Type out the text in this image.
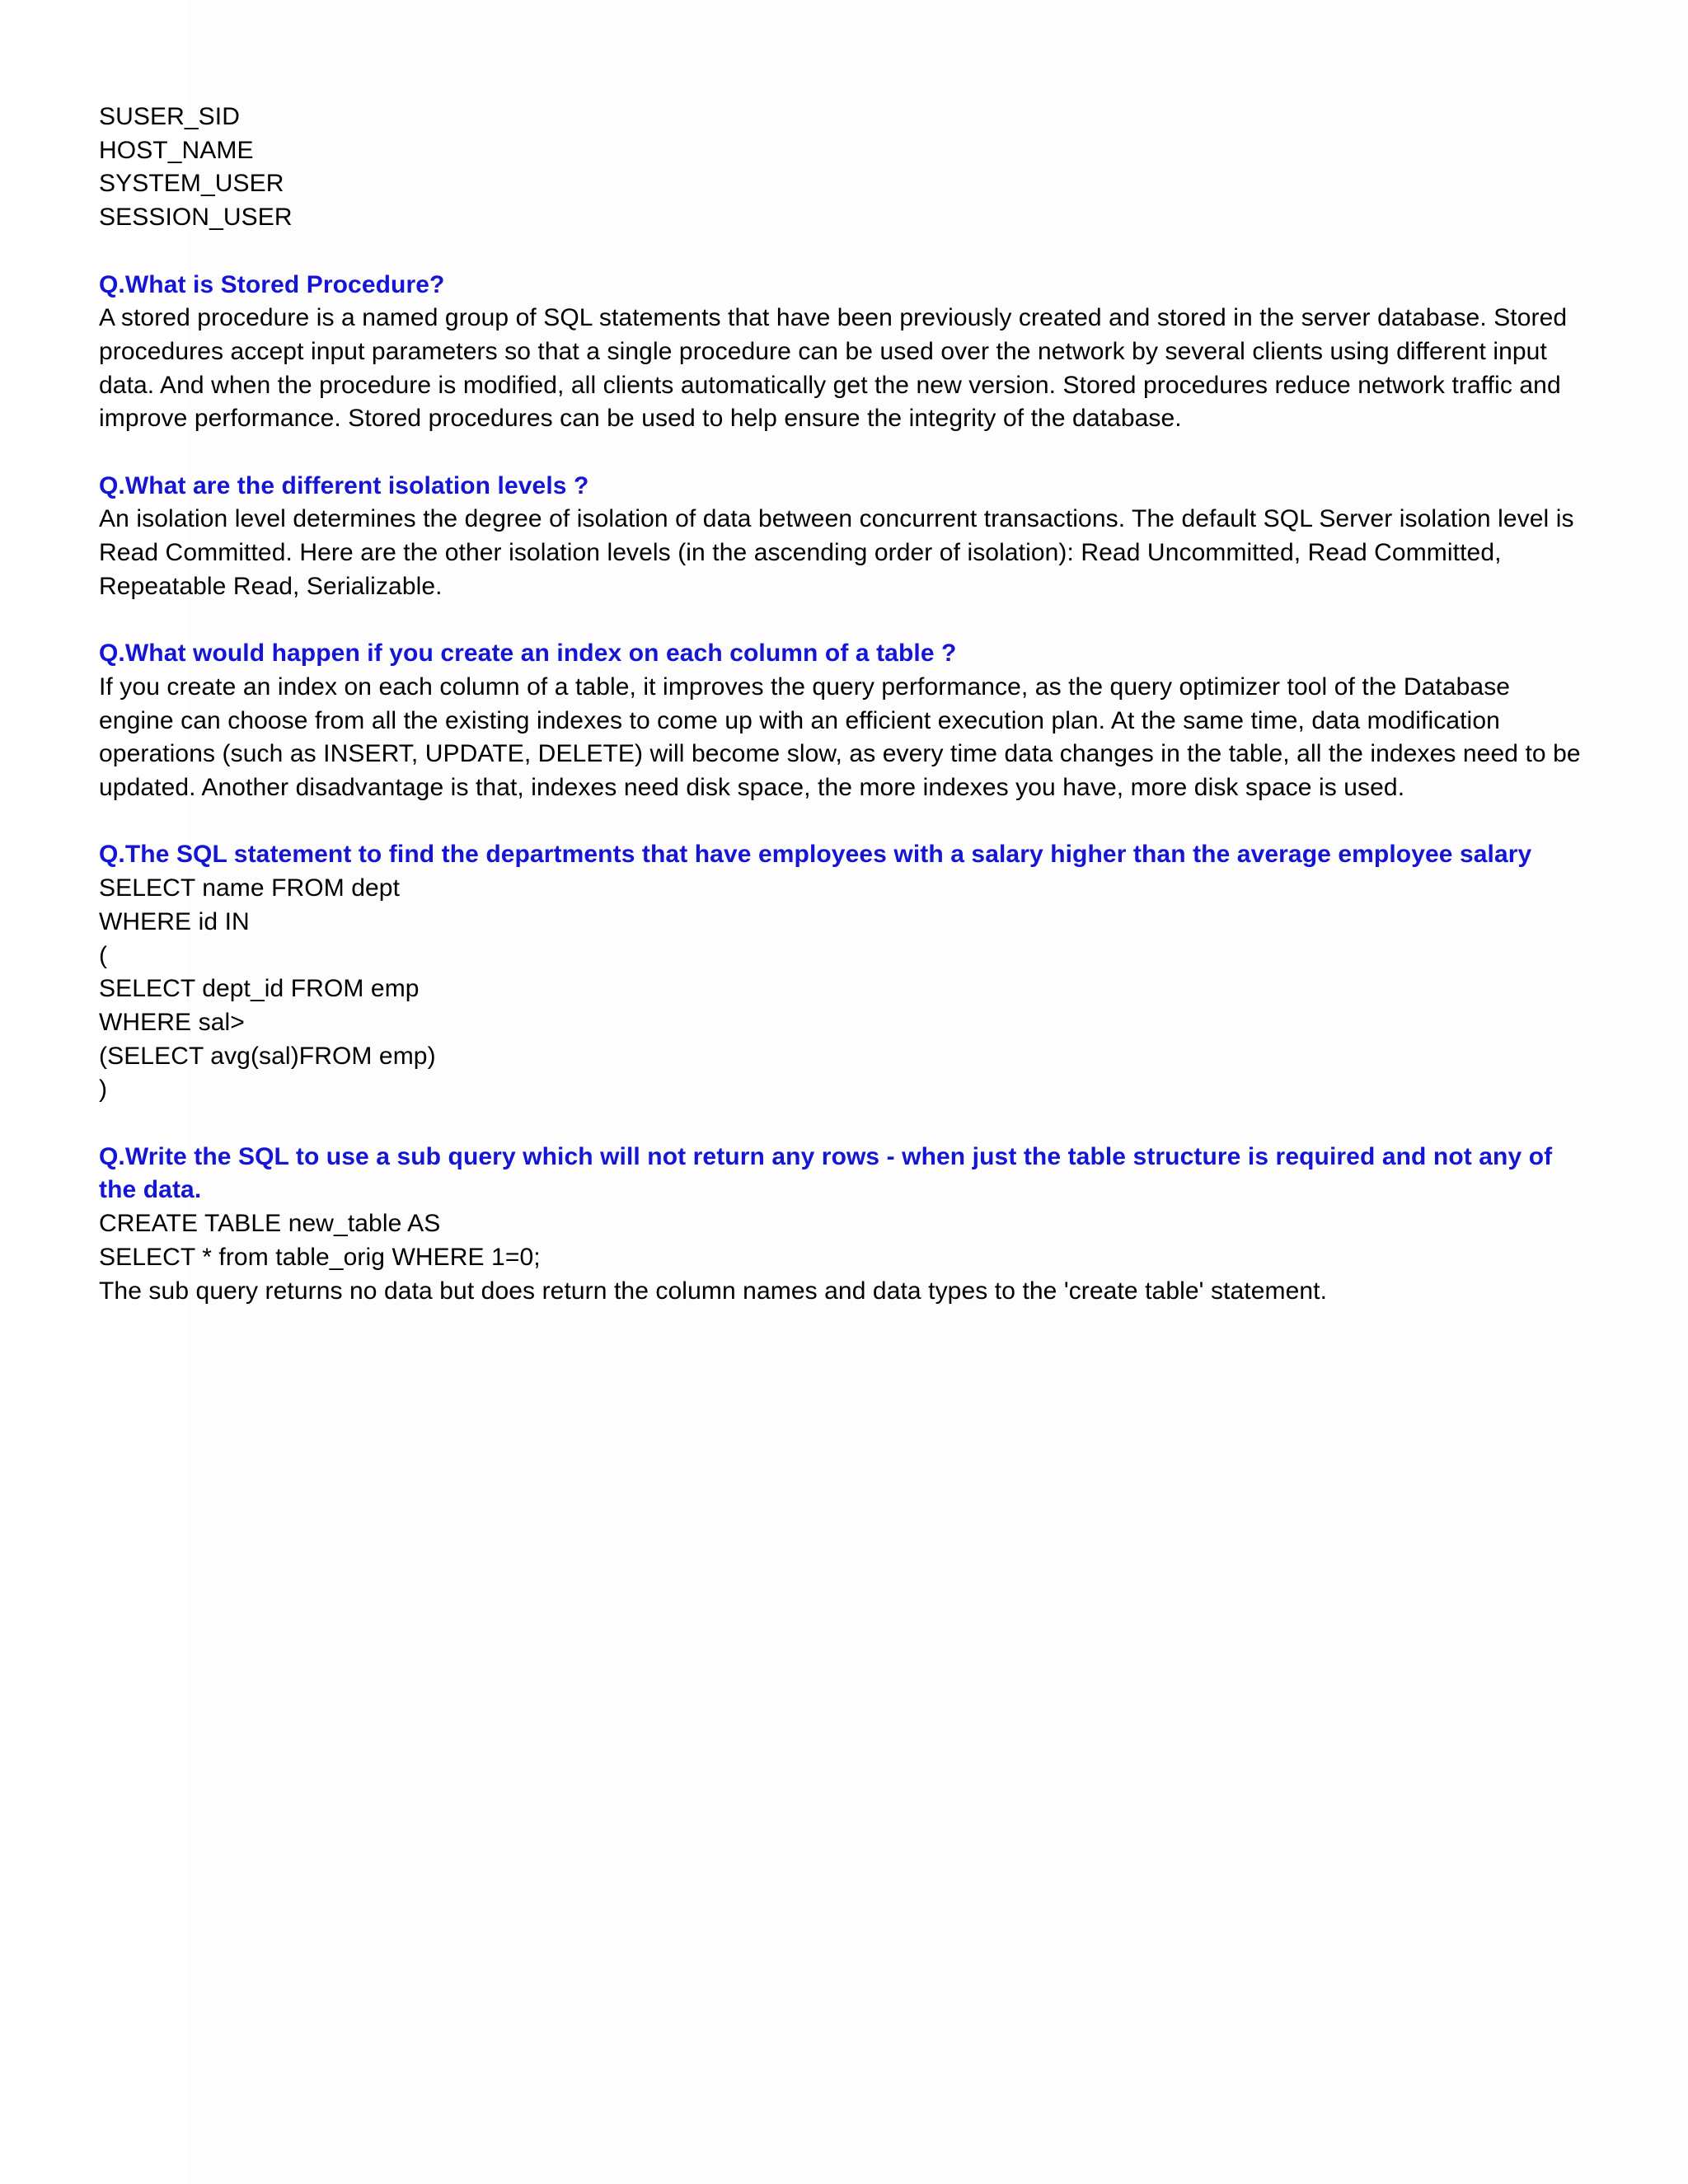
SUSER_SID
HOST_NAME
SYSTEM_USER
SESSION_USER
Q.What is Stored Procedure?

A stored procedure is a named group of SQL statements that have been previously created and stored in the server database. Stored procedures accept input parameters so that a single procedure can be used over the network by several clients using different input data. And when the procedure is modified, all clients automatically get the new version. Stored procedures reduce network traffic and improve performance. Stored procedures can be used to help ensure the integrity of the database.

Q.What are the different isolation levels ?

An isolation level determines the degree of isolation of data between concurrent transactions. The default SQL Server isolation level is Read Committed. Here are the other isolation levels (in the ascending order of isolation): Read Uncommitted, Read Committed, Repeatable Read, Serializable.

Q.What would happen if you create an index on each column of a table ?

If you create an index on each column of a table, it improves the query performance, as the query optimizer tool of the Database engine can choose from all the existing indexes to come up with an efficient execution plan. At the same time, data modification operations (such as INSERT, UPDATE, DELETE) will become slow, as every time data changes in the table, all the indexes need to be updated. Another disadvantage is that, indexes need disk space, the more indexes you have, more disk space is used.

Q.The SQL statement to find the departments that have employees with a salary higher than the average employee salary
SELECT name FROM dept
WHERE id IN
(
SELECT dept_id FROM emp
WHERE sal>
(SELECT avg(sal)FROM emp)
)
Q.Write the SQL to use a sub query which will not return any rows - when just the table structure is required and not any of the data.
CREATE TABLE new_table AS
SELECT * from table_orig WHERE 1=0;

The sub query returns no data but does return the column names and data types to the 'create table' statement.
